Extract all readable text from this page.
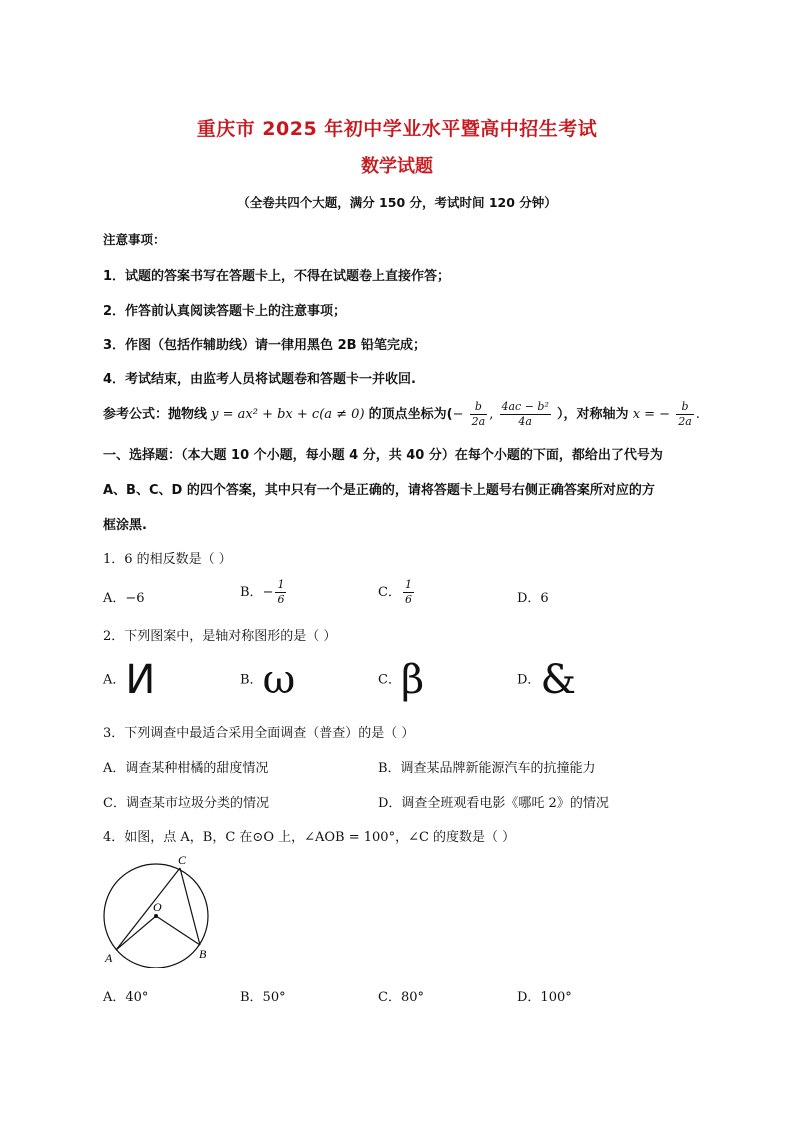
重庆市 2025 年初中学业水平暨高中招生考试
数学试题
（全卷共四个大题，满分 150 分，考试时间 120 分钟）
注意事项：
1．试题的答案书写在答题卡上，不得在试题卷上直接作答；
2．作答前认真阅读答题卡上的注意事项；
3．作图（包括作辅助线）请一律用黑色 2B 铅笔完成；
4．考试结束，由监考人员将试题卷和答题卡一并收回.
参考公式：抛物线 y = ax² + bx + c(a ≠ 0) 的顶点坐标为(− $\frac{b}{2a}$ , $\frac{\text{4ac − b²}}{4a}$ ），对称轴为 x = − $\frac{b}{2a}$ .
一、选择题：（本大题 10 个小题，每小题 4 分，共 40 分）在每个小题的下面，都给出了代号为
A、B、C、D 的四个答案，其中只有一个是正确的，请将答题卡上题号右侧正确答案所对应的方
框涂黑.
1．6 的相反数是（ ）
A．−6	B．− $\frac{1}{6}$	C． $\frac{1}{6}$	D．6
2．下列图案中，是轴对称图形的是（ ）
A．И	B．ω	C．β	D．&
3．下列调查中最适合采用全面调查（普查）的是（ ）
A．调查某种柑橘的甜度情况	B．调查某品牌新能源汽车的抗撞能力
C．调查某市垃圾分类的情况	D．调查全班观看电影《哪吒 2》的情况
4．如图，点 A，B，C 在⊙O 上，∠AOB = 100°，∠C 的度数是（ ）
C
O
A	B
A．40°	B．50°	C．80°	D．100°
